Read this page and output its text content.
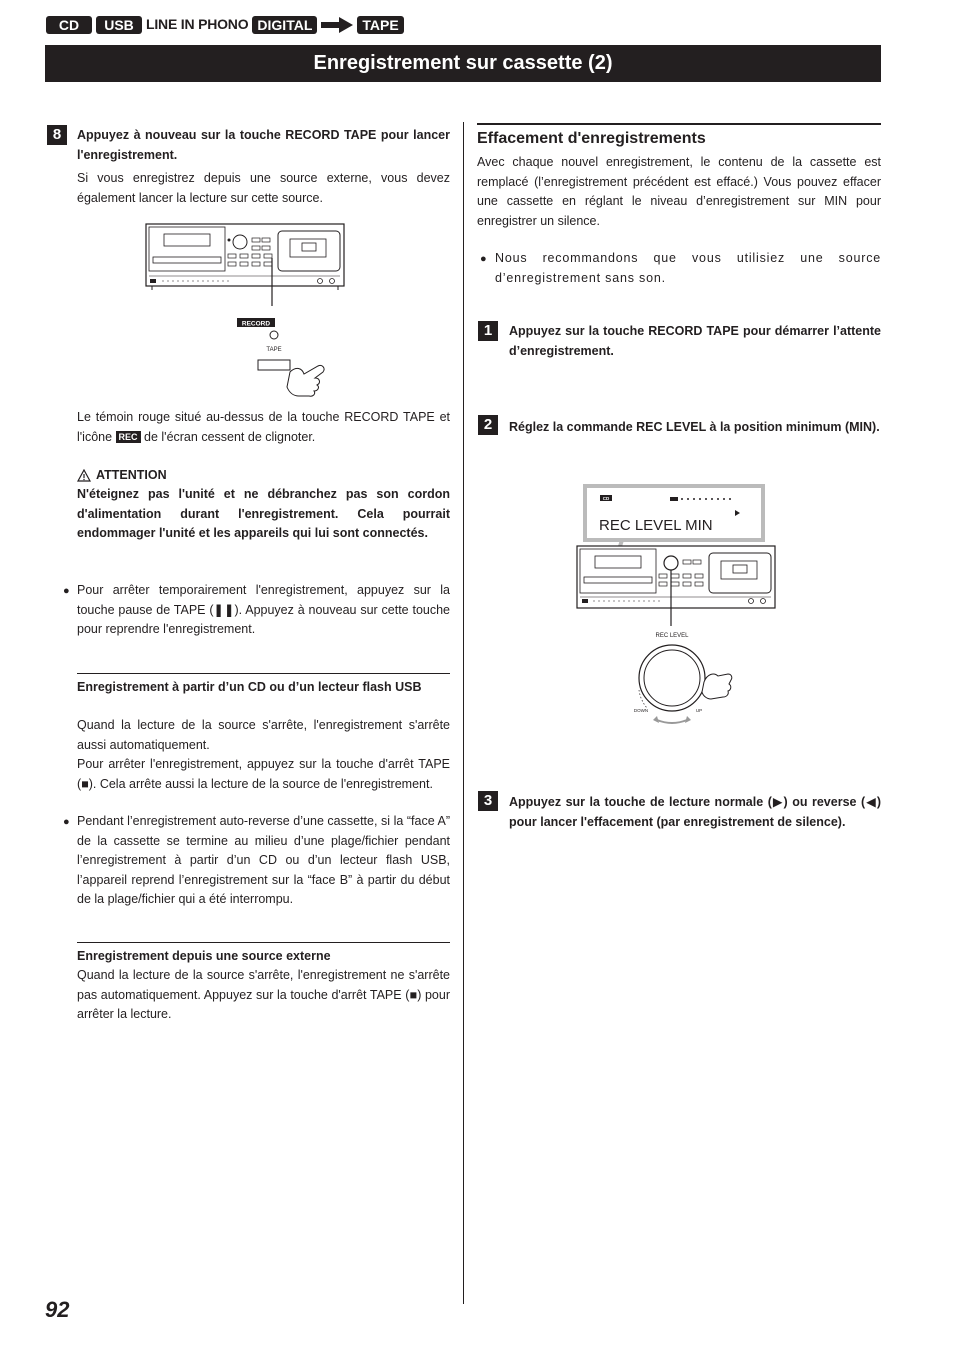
CD	USB LINE IN PHONO DIGITAL	TAPE
Enregistrement sur cassette (2)
8	Appuyez à nouveau sur la touche RECORD TAPE pour lancer l'enregistrement.
Si vous enregistrez depuis une source externe, vous devez également lancer la lecture sur cette source.
RECORD
TAPE
Le témoin rouge situé au-dessus de la touche RECORD TAPE et l'icône REC de l'écran cessent de clignoter.
ATTENTION
N'éteignez pas l'unité et ne débranchez pas son cordon d'alimentation durant l'enregistrement. Cela pourrait endommager l'unité et les appareils qui lui sont connectés.
● Pour arrêter temporairement l'enregistrement, appuyez sur la touche pause de TAPE (❚❚). Appuyez à nouveau sur cette touche pour reprendre l'enregistrement.
Enregistrement à partir d’un CD ou d’un lecteur flash USB
Quand la lecture de la source s'arrête, l'enregistrement s'arrête aussi automatiquement.
Pour arrêter l'enregistrement, appuyez sur la touche d'arrêt TAPE (■). Cela arrête aussi la lecture de la source de l'enregistrement.
● Pendant l’enregistrement auto-reverse d’une cassette, si la “face A” de la cassette se termine au milieu d’une plage/fichier pendant l’enregistrement à partir d’un CD ou d’un lecteur flash USB, l’appareil reprend l’enregistrement sur la “face B” à partir du début de la plage/fichier qui a été interrompu.
Enregistrement depuis une source externe
Quand la lecture de la source s'arrête, l'enregistrement ne s'arrête pas automatiquement. Appuyez sur la touche d'arrêt TAPE (■) pour arrêter la lecture.
Effacement d'enregistrements
Avec chaque nouvel enregistrement, le contenu de la cassette est remplacé (l’enregistrement précédent est effacé.) Vous pouvez effacer une cassette en réglant le niveau d’enregistrement sur MIN pour enregistrer un silence.
● Nous recommandons que vous utilisiez une source d’enregistrement sans son.
1	Appuyez sur la touche RECORD TAPE pour démarrer l’attente d’enregistrement.
2	Réglez la commande REC LEVEL à la position minimum (MIN).
CD
REC LEVEL MIN
REC LEVEL
DOWN	UP
3	Appuyez sur la touche de lecture normale (▶) ou reverse (◀) pour lancer l'effacement (par enregistrement de silence).
92
